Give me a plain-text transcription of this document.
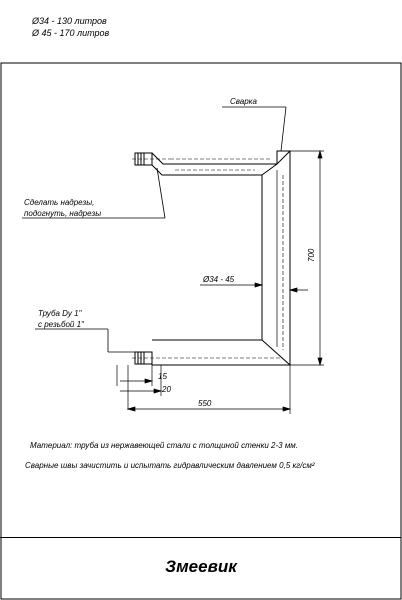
Ø34 - 130 литров
Ø 45 - 170 литров
Сварка
Сделать надрезы,
подогнуть, надрезы
Труба Dу 1"
с резьбой 1"
700
Ø34 - 45
15
20
550
Материал: труба из нержавеющей стали с толщиной стенки 2-3 мм.
Сварные швы зачистить и испытать гидравлическим давлением 0,5 кг/см²
Змеевик
